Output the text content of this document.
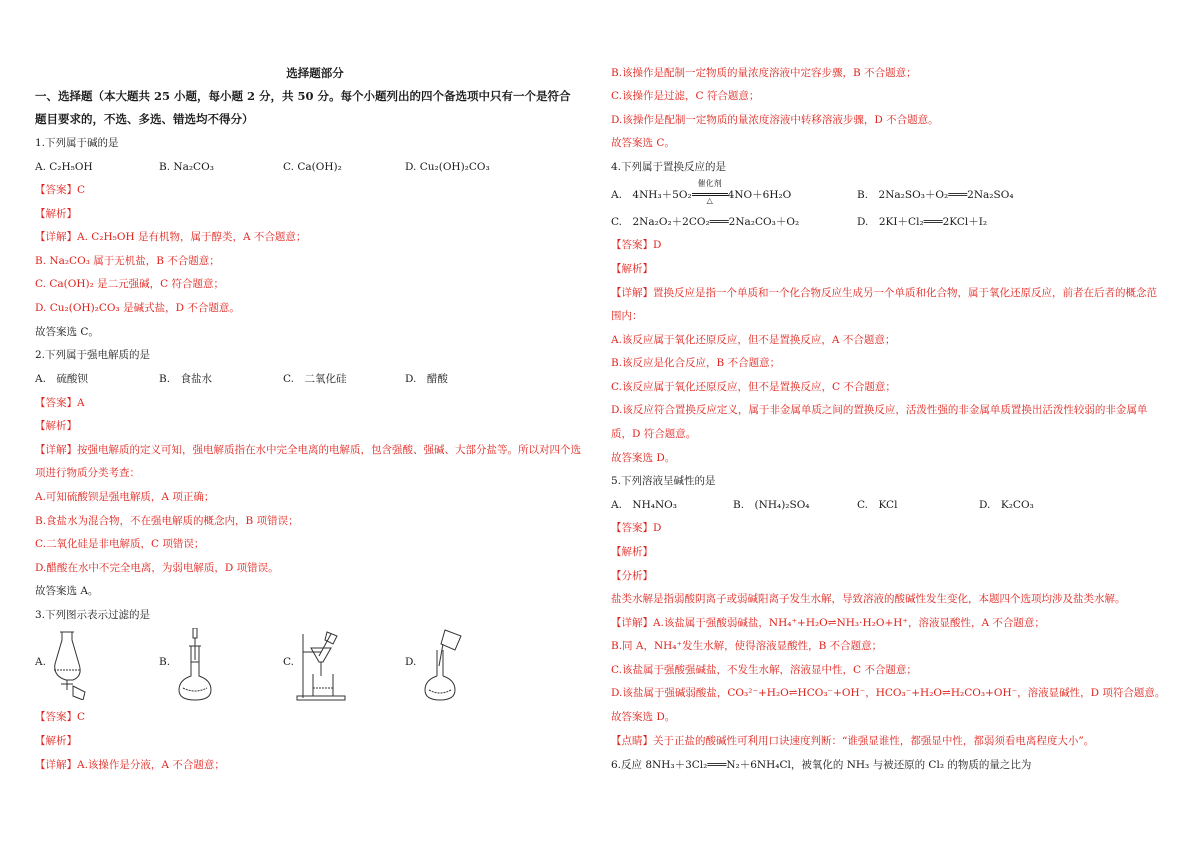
选择题部分
一、选择题（本大题共 25 小题，每小题 2 分，共 50 分。每个小题列出的四个备选项中只有一个是符合
题目要求的，不选、多选、错选均不得分）
1.下列属于碱的是
A. C₂H₅OH	B. Na₂CO₃	C. Ca(OH)₂	D. Cu₂(OH)₂CO₃
【答案】C
【解析】
【详解】A. C₂H₅OH 是有机物，属于醇类，A 不合题意；
B. Na₂CO₃ 属于无机盐，B 不合题意；
C. Ca(OH)₂ 是二元强碱，C 符合题意；
D. Cu₂(OH)₂CO₃ 是碱式盐，D 不合题意。
故答案选 C。
2.下列属于强电解质的是
A.　硫酸钡	B.　食盐水	C.　二氧化硅	D.　醋酸
【答案】A
【解析】
【详解】按强电解质的定义可知，强电解质指在水中完全电离的电解质，包含强酸、强碱、大部分盐等。所以对四个选
项进行物质分类考查：
A.可知硫酸钡是强电解质，A 项正确；
B.食盐水为混合物，不在强电解质的概念内，B 项错误；
C.二氧化硅是非电解质，C 项错误；
D.醋酸在水中不完全电离，为弱电解质，D 项错误。
故答案选 A。
3.下列图示表示过滤的是
A.	B.	C.	D.
【答案】C
【解析】
【详解】A.该操作是分液，A 不合题意；
B.该操作是配制一定物质的量浓度溶液中定容步骤，B 不合题意；
C.该操作是过滤，C 符合题意；
D.该操作是配制一定物质的量浓度溶液中转移溶液步骤，D 不合题意。
故答案选 C。
4.下列属于置换反应的是
A.　4NH₃＋5O₂
催化剂
△	4NO＋6H₂O	B.　2Na₂SO₃＋O₂═══2Na₂SO₄
C.　2Na₂O₂＋2CO₂═══2Na₂CO₃＋O₂	D.　2KI＋Cl₂═══2KCl＋I₂
【答案】D
【解析】
【详解】置换反应是指一个单质和一个化合物反应生成另一个单质和化合物，属于氧化还原反应，前者在后者的概念范
围内：
A.该反应属于氧化还原反应，但不是置换反应，A 不合题意；
B.该反应是化合反应，B 不合题意；
C.该反应属于氧化还原反应，但不是置换反应，C 不合题意；
D.该反应符合置换反应定义，属于非金属单质之间的置换反应，活泼性强的非金属单质置换出活泼性较弱的非金属单
质，D 符合题意。
故答案选 D。
5.下列溶液呈碱性的是
A.　NH₄NO₃	B.　(NH₄)₂SO₄	C.　KCl	D.　K₂CO₃
【答案】D
【解析】
【分析】
盐类水解是指弱酸阴离子或弱碱阳离子发生水解，导致溶液的酸碱性发生变化，本题四个选项均涉及盐类水解。
【详解】A.该盐属于强酸弱碱盐，NH₄⁺+H₂O⇌NH₃·H₂O+H⁺，溶液显酸性，A 不合题意；
B.同 A，NH₄⁺发生水解，使得溶液显酸性，B 不合题意；
C.该盐属于强酸强碱盐，不发生水解，溶液显中性，C 不合题意；
D.该盐属于强碱弱酸盐，CO₃²⁻+H₂O⇌HCO₃⁻+OH⁻，HCO₃⁻+H₂O⇌H₂CO₃+OH⁻，溶液显碱性，D 项符合题意。
故答案选 D。
【点睛】关于正盐的酸碱性可利用口诀速度判断：“谁强显谁性，都强显中性，都弱须看电离程度大小”。
6.反应 8NH₃＋3Cl₂═══N₂＋6NH₄Cl，被氧化的 NH₃ 与被还原的 Cl₂ 的物质的量之比为
